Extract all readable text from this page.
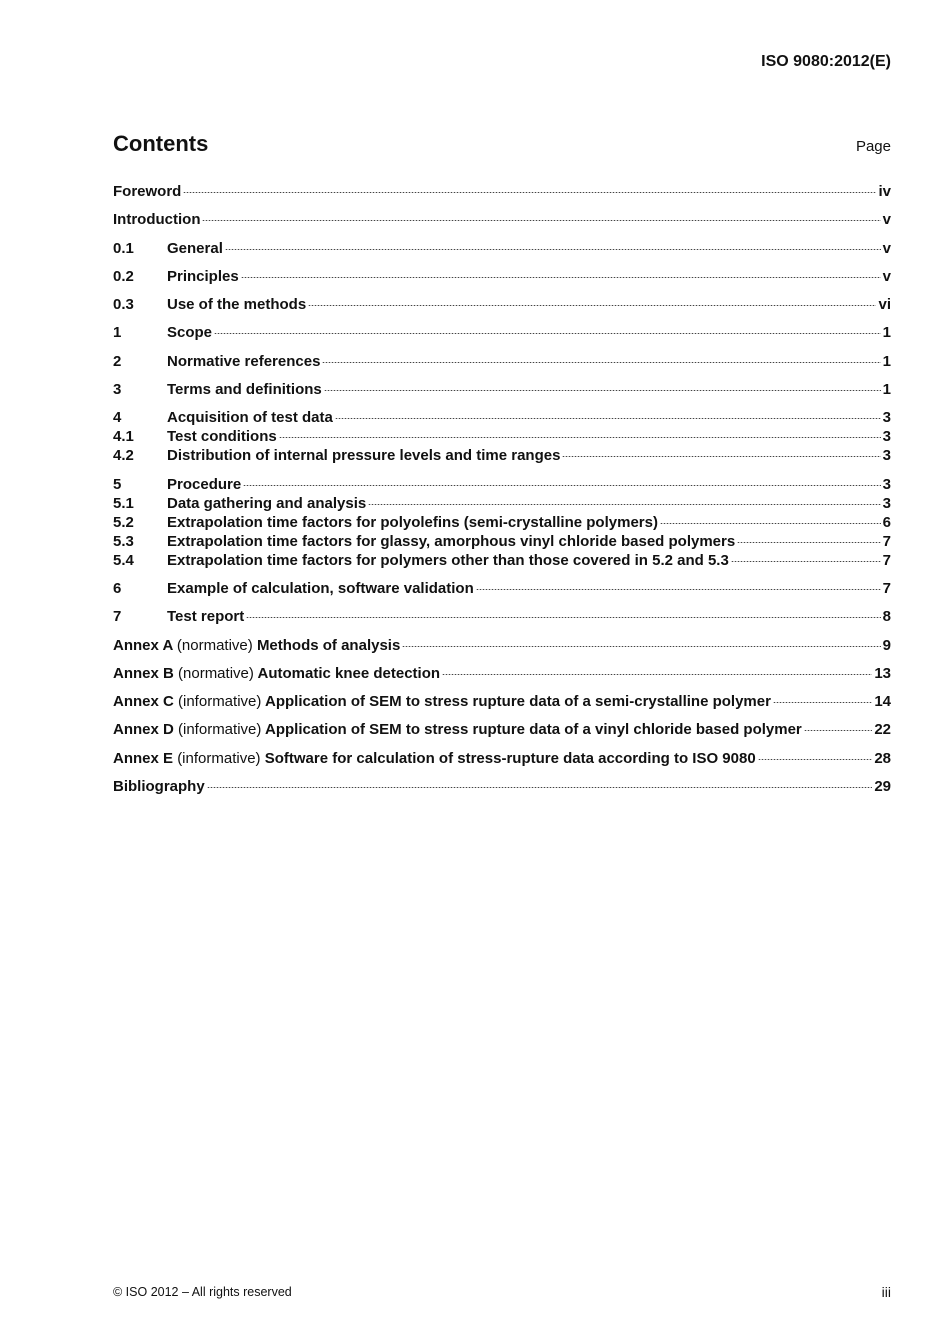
ISO 9080:2012(E)
Contents	Page
Foreword	iv
Introduction	v
0.1	General	v
0.2	Principles	v
0.3	Use of the methods	vi
1	Scope	1
2	Normative references	1
3	Terms and definitions	1
4	Acquisition of test data	3
4.1	Test conditions	3
4.2	Distribution of internal pressure levels and time ranges	3
5	Procedure	3
5.1	Data gathering and analysis	3
5.2	Extrapolation time factors for polyolefins (semi-crystalline polymers)	6
5.3	Extrapolation time factors for glassy, amorphous vinyl chloride based polymers	7
5.4	Extrapolation time factors for polymers other than those covered in 5.2 and 5.3	7
6	Example of calculation, software validation	7
7	Test report	8
Annex A (normative) Methods of analysis	9
Annex B (normative) Automatic knee detection	13
Annex C (informative) Application of SEM to stress rupture data of a semi-crystalline polymer	14
Annex D (informative) Application of SEM to stress rupture data of a vinyl chloride based polymer	22
Annex E (informative) Software for calculation of stress-rupture data according to ISO 9080	28
Bibliography	29
© ISO 2012 – All rights reserved	iii
